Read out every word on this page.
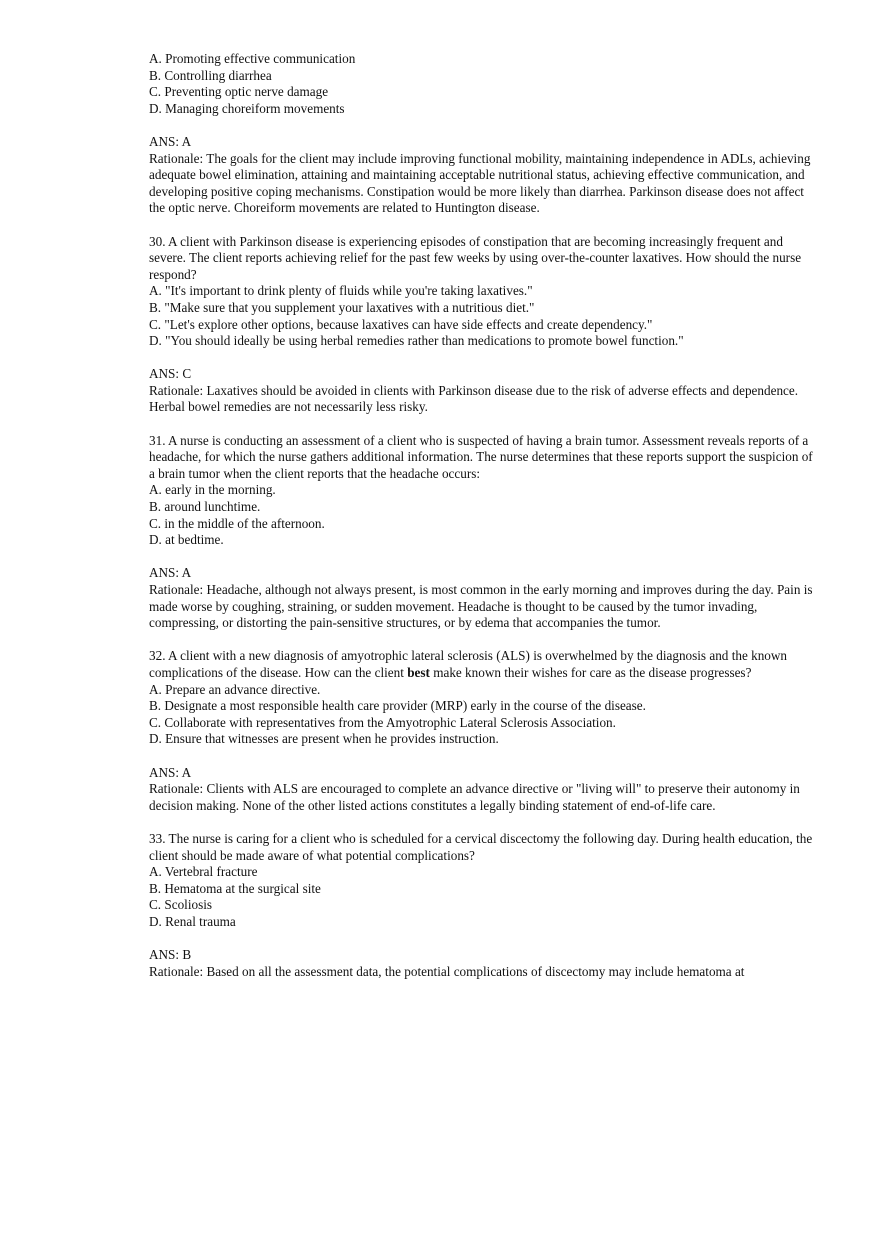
A. Promoting effective communication
B. Controlling diarrhea
C. Preventing optic nerve damage
D. Managing choreiform movements
ANS: A
Rationale: The goals for the client may include improving functional mobility, maintaining independence in ADLs, achieving adequate bowel elimination, attaining and maintaining acceptable nutritional status, achieving effective communication, and developing positive coping mechanisms. Constipation would be more likely than diarrhea. Parkinson disease does not affect the optic nerve. Choreiform movements are related to Huntington disease.
30. A client with Parkinson disease is experiencing episodes of constipation that are becoming increasingly frequent and severe. The client reports achieving relief for the past few weeks by using over-the-counter laxatives. How should the nurse respond?
A. "It's important to drink plenty of fluids while you're taking laxatives."
B. "Make sure that you supplement your laxatives with a nutritious diet."
C. "Let's explore other options, because laxatives can have side effects and create dependency."
D. "You should ideally be using herbal remedies rather than medications to promote bowel function."
ANS: C
Rationale: Laxatives should be avoided in clients with Parkinson disease due to the risk of adverse effects and dependence. Herbal bowel remedies are not necessarily less risky.
31. A nurse is conducting an assessment of a client who is suspected of having a brain tumor. Assessment reveals reports of a headache, for which the nurse gathers additional information. The nurse determines that these reports support the suspicion of a brain tumor when the client reports that the headache occurs:
A. early in the morning.
B. around lunchtime.
C. in the middle of the afternoon.
D. at bedtime.
ANS: A
Rationale: Headache, although not always present, is most common in the early morning and improves during the day. Pain is made worse by coughing, straining, or sudden movement. Headache is thought to be caused by the tumor invading, compressing, or distorting the pain-sensitive structures, or by edema that accompanies the tumor.
32. A client with a new diagnosis of amyotrophic lateral sclerosis (ALS) is overwhelmed by the diagnosis and the known complications of the disease. How can the client best make known their wishes for care as the disease progresses?
A. Prepare an advance directive.
B. Designate a most responsible health care provider (MRP) early in the course of the disease.
C. Collaborate with representatives from the Amyotrophic Lateral Sclerosis Association.
D. Ensure that witnesses are present when he provides instruction.
ANS: A
Rationale: Clients with ALS are encouraged to complete an advance directive or "living will" to preserve their autonomy in decision making. None of the other listed actions constitutes a legally binding statement of end-of-life care.
33. The nurse is caring for a client who is scheduled for a cervical discectomy the following day. During health education, the client should be made aware of what potential complications?
A. Vertebral fracture
B. Hematoma at the surgical site
C. Scoliosis
D. Renal trauma
ANS: B
Rationale: Based on all the assessment data, the potential complications of discectomy may include hematoma at
